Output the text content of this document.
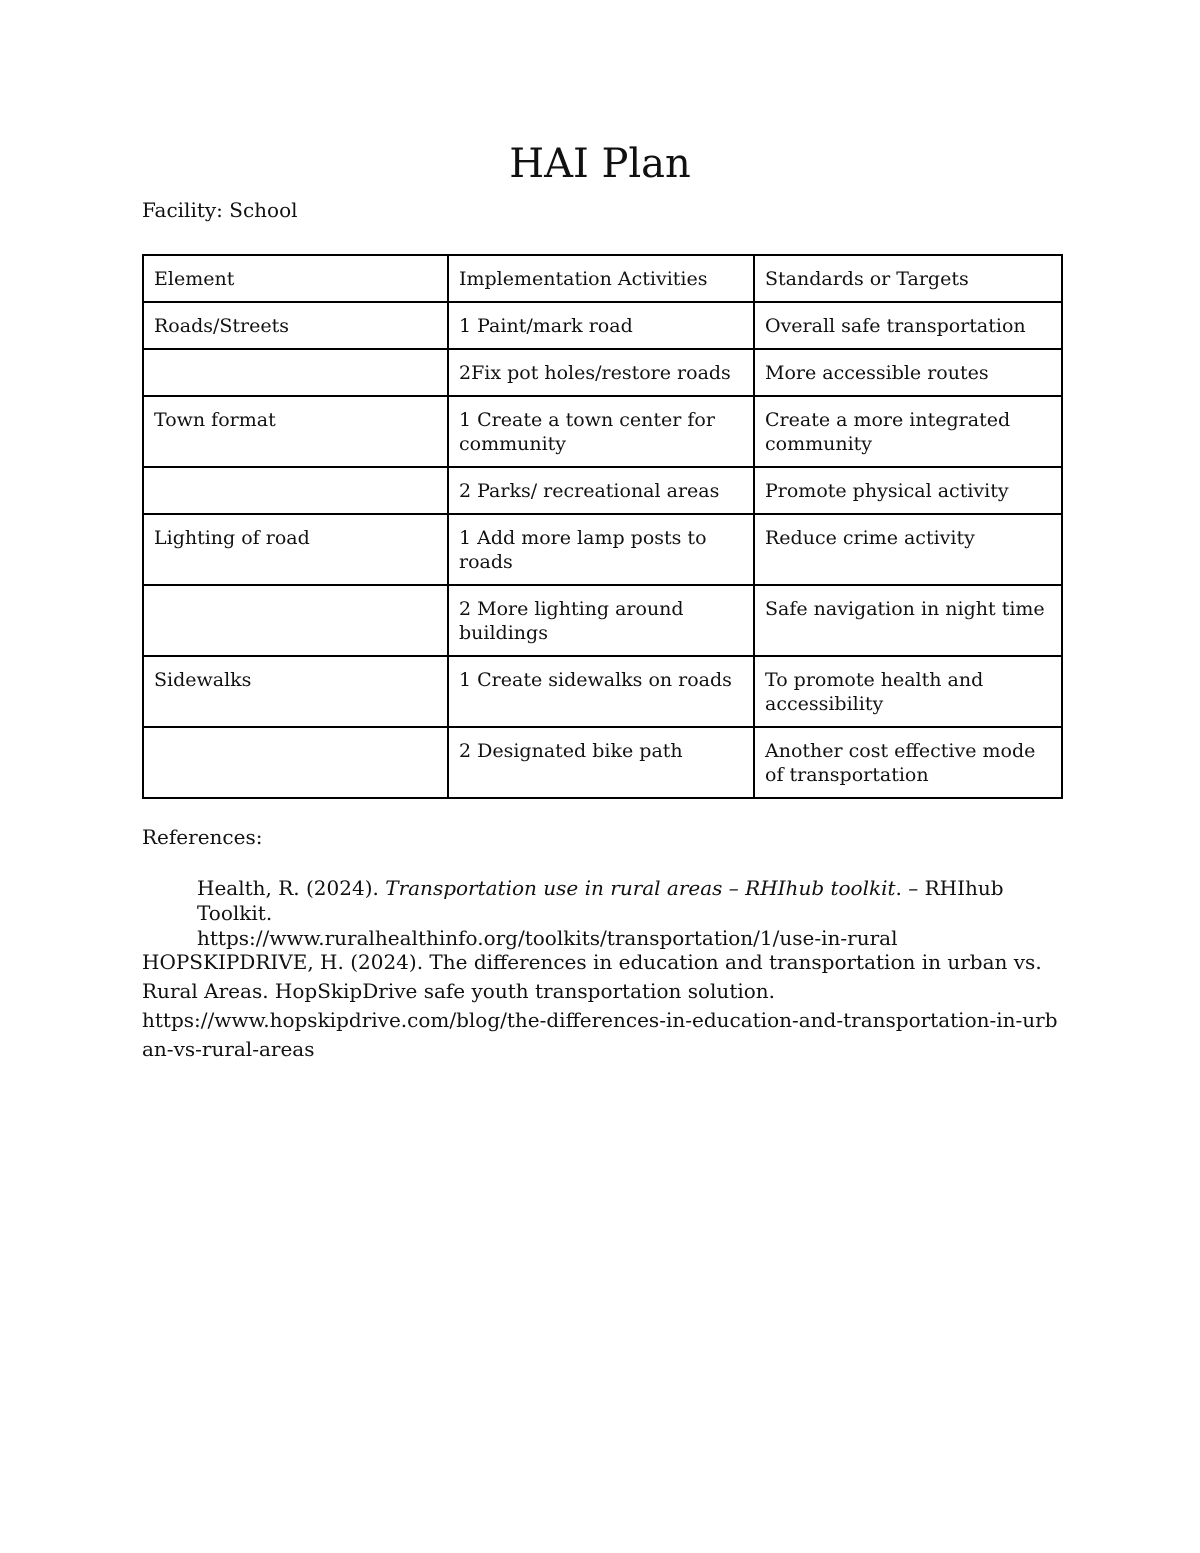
HAI Plan

Facility: School

Element	Implementation Activities	Standards or Targets
Roads/Streets	1 Paint/mark road	Overall safe transportation
	2Fix pot holes/restore roads	More accessible routes
Town format	1 Create a town center for community	Create a more integrated community
	2 Parks/ recreational areas	Promote physical activity
Lighting of road	1 Add more lamp posts to roads	Reduce crime activity
	2 More lighting around buildings	Safe navigation in night time
Sidewalks	1 Create sidewalks on roads	To promote health and accessibility
	2 Designated bike path	Another cost effective mode of transportation

References:

Health, R. (2024). Transportation use in rural areas – RHIhub toolkit. – RHIhub Toolkit.
https://www.ruralhealthinfo.org/toolkits/transportation/1/use-in-rural
HOPSKIPDRIVE, H. (2024). The differences in education and transportation in urban vs. Rural Areas. HopSkipDrive safe youth transportation solution.
https://www.hopskipdrive.com/blog/the-differences-in-education-and-transportation-in-urban-vs-rural-areas
